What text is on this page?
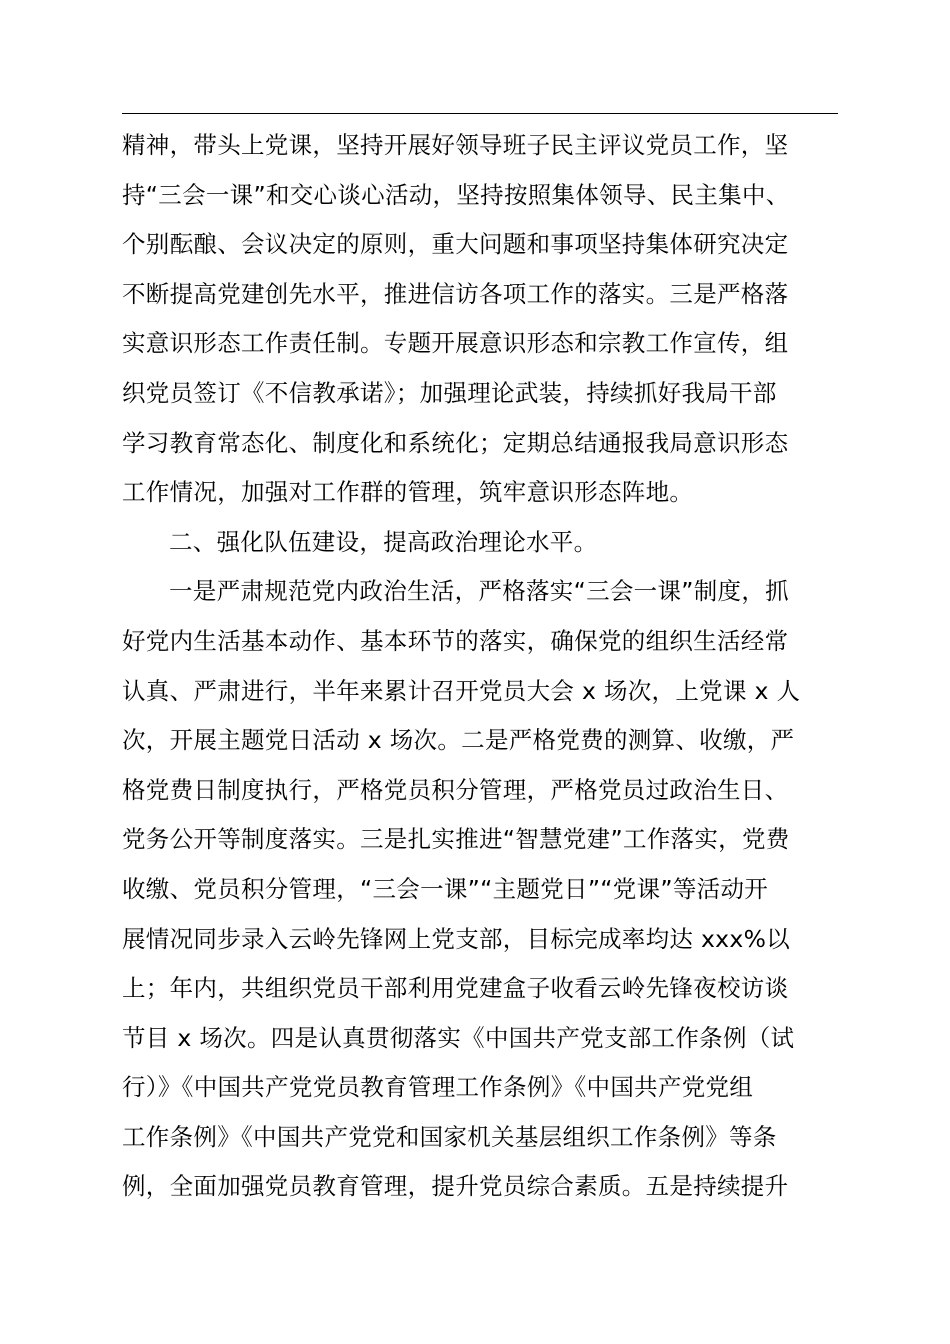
精神，带头上党课，坚持开展好领导班子民主评议党员工作，坚
持“三会一课”和交心谈心活动，坚持按照集体领导、民主集中、
个别酝酿、会议决定的原则，重大问题和事项坚持集体研究决定
不断提高党建创先水平，推进信访各项工作的落实。三是严格落
实意识形态工作责任制。专题开展意识形态和宗教工作宣传，组
织党员签订《不信教承诺》；加强理论武装，持续抓好我局干部
学习教育常态化、制度化和系统化；定期总结通报我局意识形态
工作情况，加强对工作群的管理，筑牢意识形态阵地。
二、强化队伍建设，提高政治理论水平。
一是严肃规范党内政治生活，严格落实“三会一课”制度，抓
好党内生活基本动作、基本环节的落实，确保党的组织生活经常
认真、严肃进行，半年来累计召开党员大会 x 场次，上党课 x 人
次，开展主题党日活动 x 场次。二是严格党费的测算、收缴，严
格党费日制度执行，严格党员积分管理，严格党员过政治生日、
党务公开等制度落实。三是扎实推进“智慧党建”工作落实，党费
收缴、党员积分管理，“三会一课”“主题党日”“党课”等活动开
展情况同步录入云岭先锋网上党支部，目标完成率均达 xxx%以
上；年内，共组织党员干部利用党建盒子收看云岭先锋夜校访谈
节目 x 场次。四是认真贯彻落实《中国共产党支部工作条例（试
行）》《中国共产党党员教育管理工作条例》《中国共产党党组
工作条例》《中国共产党党和国家机关基层组织工作条例》等条
例，全面加强党员教育管理，提升党员综合素质。五是持续提升
